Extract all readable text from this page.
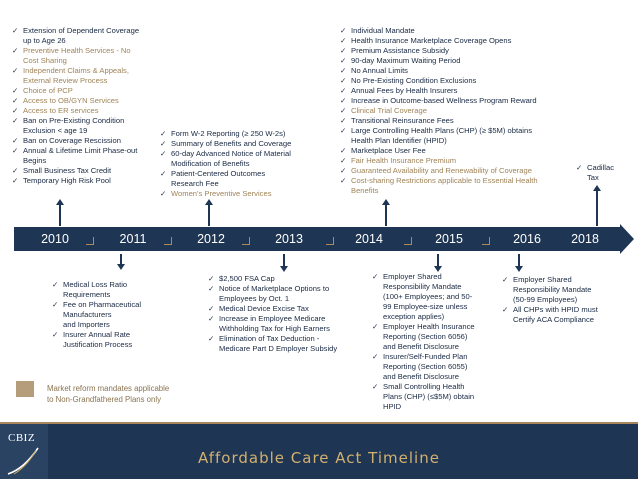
✓ Extension of Dependent Coverage
up to Age 26
✓ Preventive Health Services - No
Cost Sharing
✓ Independent Claims & Appeals,
External Review Process
✓ Choice of PCP
✓ Access to OB/GYN Services
✓ Access to ER services
✓ Ban on Pre-Existing Condition
Exclusion < age 19
✓ Ban on Coverage Rescission
✓ Annual & Lifetime Limit Phase-out
Begins
✓ Small Business Tax Credit
✓ Temporary High Risk Pool
✓ Form W-2 Reporting (≥ 250 W-2s)
✓ Summary of Benefits and Coverage
✓ 60-day Advanced Notice of Material
Modification of Benefits
✓ Patient-Centered Outcomes
Research Fee
✓ Women's Preventive Services
✓ Individual Mandate
✓ Health Insurance Marketplace Coverage Opens
✓ Premium Assistance Subsidy
✓ 90-day Maximum Waiting Period
✓ No Annual Limits
✓ No Pre-Existing Condition Exclusions
✓ Annual Fees by Health Insurers
✓ Increase in Outcome-based Wellness Program Reward
✓ Clinical Trial Coverage
✓ Transitional Reinsurance Fees
✓ Large Controlling Health Plans (CHP) (≥ $5M) obtains
Health Plan Identifier (HPID)
✓ Marketplace User Fee
✓ Fair Health Insurance Premium
✓ Guaranteed Availability and Renewability of Coverage
✓ Cost-sharing Restrictions applicable to Essential Health
Benefits
✓ Cadillac
Tax
2010	2011	2012	2013	2014	2015	2016	2018
✓ Medical Loss Ratio
Requirements
✓ Fee on Pharmaceutical
Manufacturers
and Importers
✓ Insurer Annual Rate
Justification Process
✓ $2,500 FSA Cap
✓ Notice of Marketplace Options to
Employees by Oct. 1
✓ Medical Device Excise Tax
✓ Increase in Employee Medicare
Withholding Tax for High Earners
✓ Elimination of Tax Deduction -
Medicare Part D Employer Subsidy
✓ Employer Shared
Responsibility Mandate
(100+ Employees; and 50-
99 Employee-size unless
exception applies)
✓ Employer Health Insurance
Reporting (Section 6056)
and Benefit Disclosure
✓ Insurer/Self-Funded Plan
Reporting (Section 6055)
and Benefit Disclosure
✓ Small Controlling Health
Plans (CHP) (≤$5M) obtain
HPID
✓ Employer Shared
Responsibility Mandate
(50-99 Employees)
✓ All CHPs with HPID must
Certify ACA Compliance
Market reform mandates applicable
to Non-Grandfathered Plans only
CBIZ
Affordable Care Act Timeline
